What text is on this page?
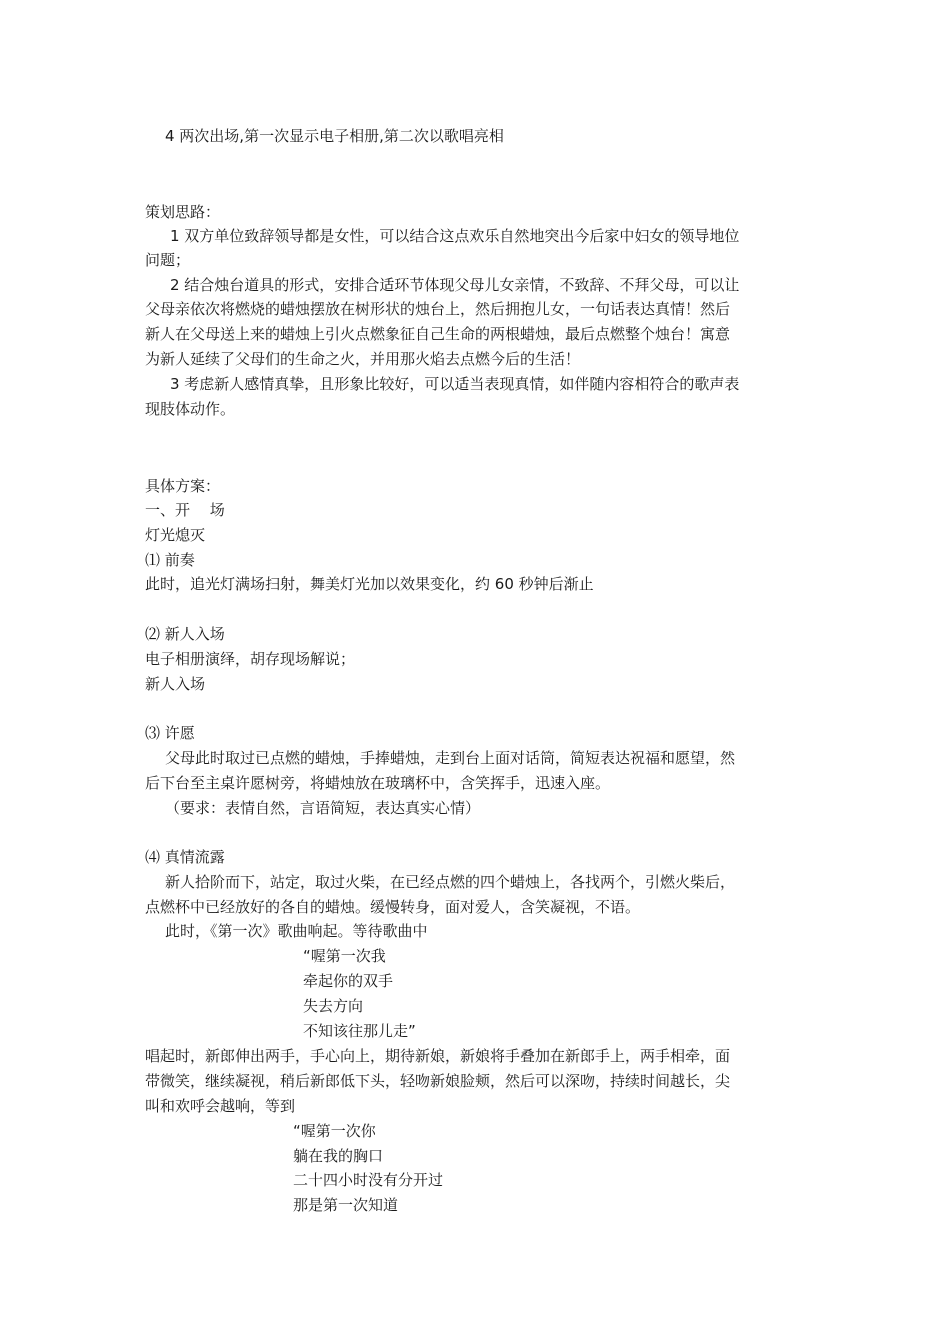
4 两次出场,第一次显示电子相册,第二次以歌唱亮相
策划思路：
1 双方单位致辞领导都是女性，可以结合这点欢乐自然地突出今后家中妇女的领导地位
问题；
2 结合烛台道具的形式，安排合适环节体现父母儿女亲情，不致辞、不拜父母，可以让
父母亲依次将燃烧的蜡烛摆放在树形状的烛台上，然后拥抱儿女，一句话表达真情！然后
新人在父母送上来的蜡烛上引火点燃象征自己生命的两根蜡烛，最后点燃整个烛台！寓意
为新人延续了父母们的生命之火，并用那火焰去点燃今后的生活！
3 考虑新人感情真挚，且形象比较好，可以适当表现真情，如伴随内容相符合的歌声表
现肢体动作。
具体方案：
一、开　 场
灯光熄灭
⑴ 前奏
此时，追光灯满场扫射，舞美灯光加以效果变化，约 60 秒钟后渐止
⑵ 新人入场
电子相册演绎，胡存现场解说；
新人入场
⑶ 许愿
父母此时取过已点燃的蜡烛，手捧蜡烛，走到台上面对话筒，简短表达祝福和愿望，然
后下台至主桌许愿树旁，将蜡烛放在玻璃杯中，含笑挥手，迅速入座。
（要求：表情自然，言语简短，表达真实心情）
⑷ 真情流露
新人拾阶而下，站定，取过火柴，在已经点燃的四个蜡烛上，各找两个，引燃火柴后，
点燃杯中已经放好的各自的蜡烛。缓慢转身，面对爱人，含笑凝视，不语。
此时，《第一次》歌曲响起。等待歌曲中
“喔第一次我
牵起你的双手
失去方向
不知该往那儿走”
唱起时，新郎伸出两手，手心向上，期待新娘，新娘将手叠加在新郎手上，两手相牵，面
带微笑，继续凝视，稍后新郎低下头，轻吻新娘脸颊，然后可以深吻，持续时间越长，尖
叫和欢呼会越响，等到
“喔第一次你
躺在我的胸口
二十四小时没有分开过
那是第一次知道
